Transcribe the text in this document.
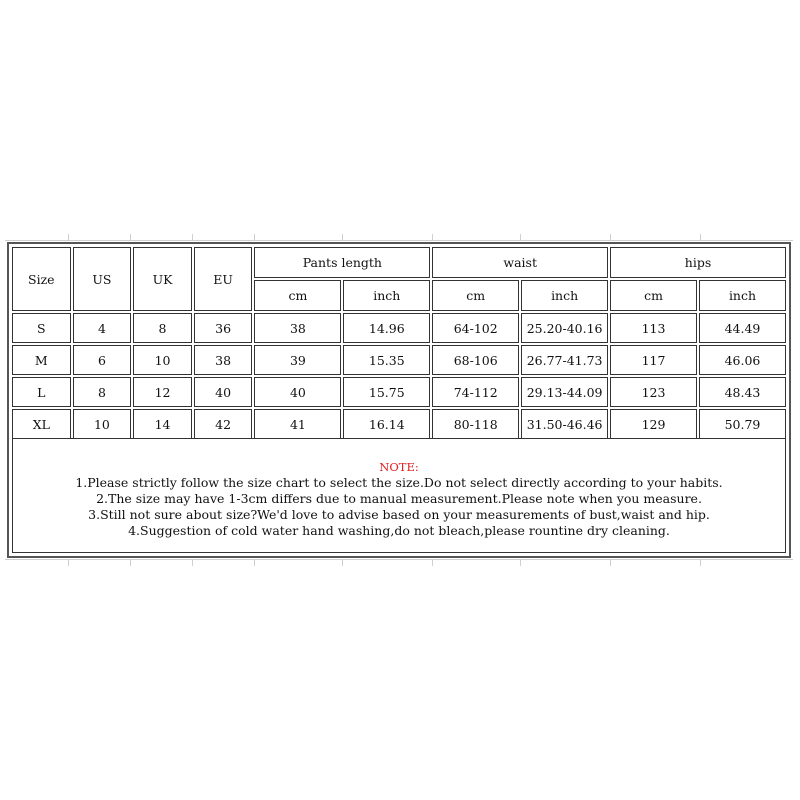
Size	US	UK	EU	Pants length		waist		hips	
				cm	inch	cm	inch	cm	inch
S	4	8	36	38	14.96	64-102	25.20-40.16	113	44.49
M	6	10	38	39	15.35	68-106	26.77-41.73	117	46.06
L	8	12	40	40	15.75	74-112	29.13-44.09	123	48.43
XL	10	14	42	41	16.14	80-118	31.50-46.46	129	50.79
NOTE:
1.Please strictly follow the size chart to select the size.Do not select directly according to your habits.
2.The size may have 1-3cm differs due to manual measurement.Please note when you measure.
3.Still not sure about size?We'd love to advise based on your measurements of bust,waist and hip.
4.Suggestion of cold water hand washing,do not bleach,please rountine dry cleaning.
